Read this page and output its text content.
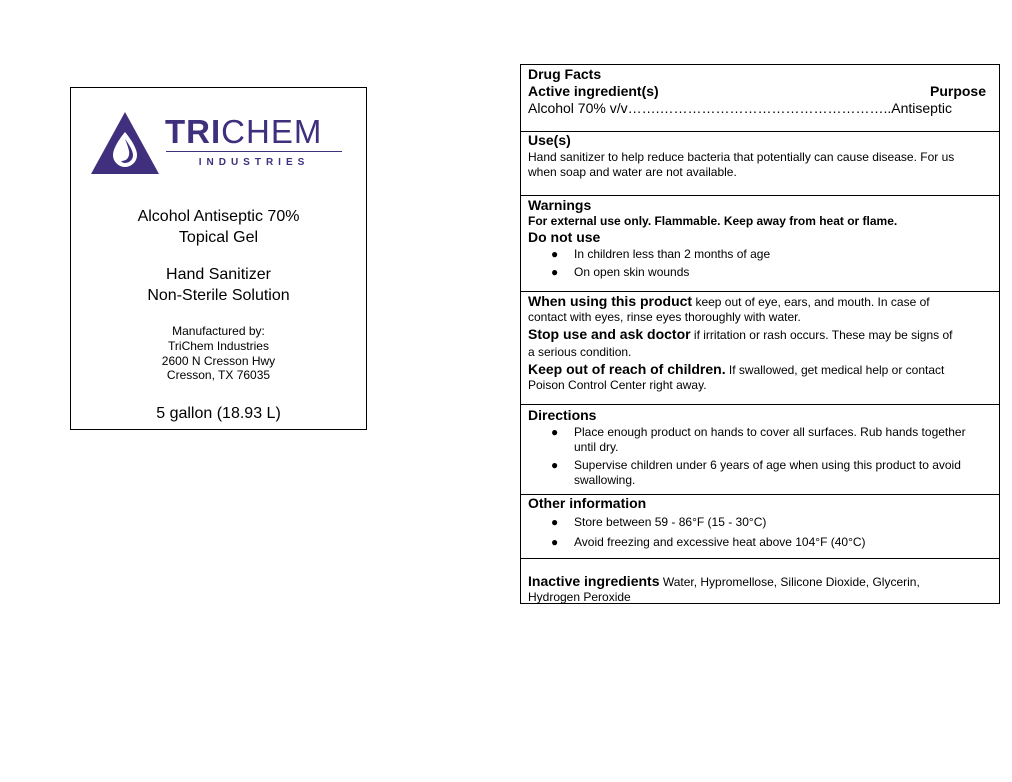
TRICHEM
INDUSTRIES
Alcohol Antiseptic 70%
Topical Gel
Hand Sanitizer
Non-Sterile Solution
Manufactured by:
TriChem Industries
2600 N Cresson Hwy
Cresson, TX 76035
5 gallon (18.93 L)
Drug Facts
Active ingredient(s)	Purpose
Alcohol 70% v/v…….…………………………………………..Antiseptic
Use(s)
Hand sanitizer to help reduce bacteria that potentially can cause disease. For us
when soap and water are not available.
Warnings
For external use only. Flammable. Keep away from heat or flame.
Do not use
● In children less than 2 months of age
● On open skin wounds
When using this product keep out of eye, ears, and mouth. In case of
contact with eyes, rinse eyes thoroughly with water.
Stop use and ask doctor if irritation or rash occurs. These may be signs of
a serious condition.
Keep out of reach of children. If swallowed, get medical help or contact
Poison Control Center right away.
Directions
● Place enough product on hands to cover all surfaces. Rub hands together
until dry.
● Supervise children under 6 years of age when using this product to avoid
swallowing.
Other information
● Store between 59 - 86°F (15 - 30°C)
● Avoid freezing and excessive heat above 104°F (40°C)
Inactive ingredients Water, Hypromellose, Silicone Dioxide, Glycerin,
Hydrogen Peroxide
